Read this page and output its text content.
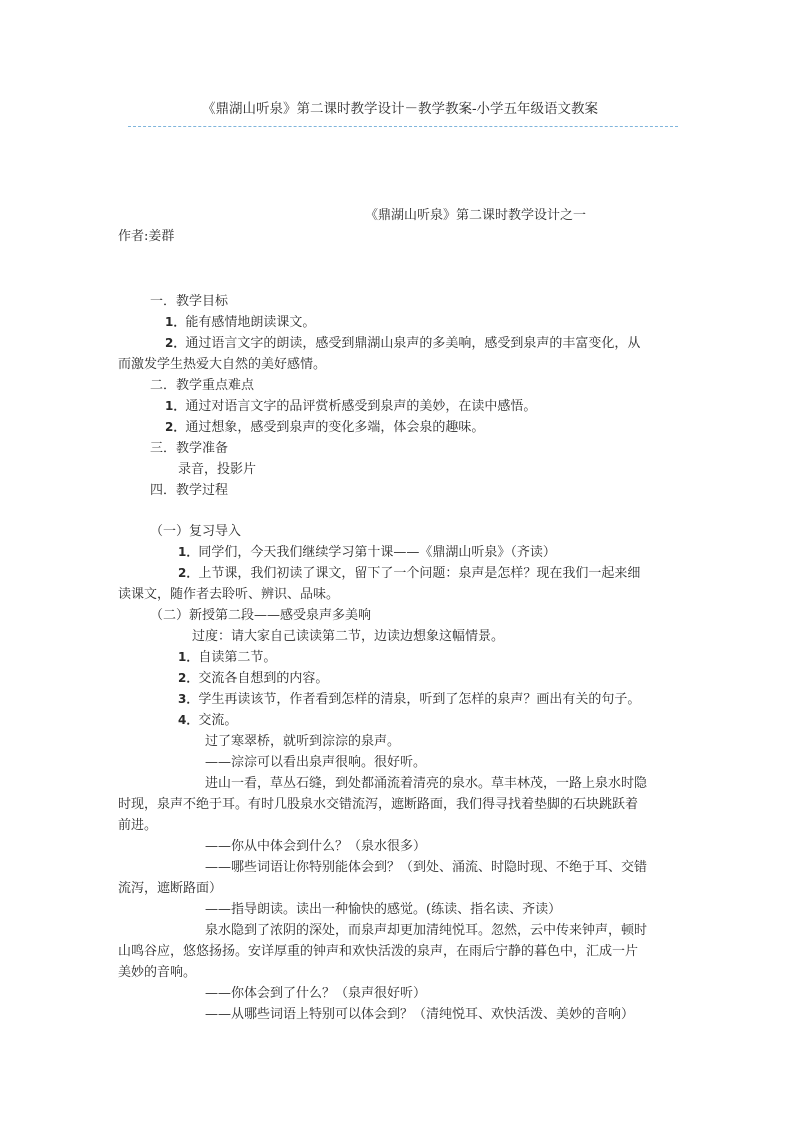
《鼎湖山听泉》第二课时教学设计－教学教案-小学五年级语文教案
《鼎湖山听泉》第二课时教学设计之一
作者:姜群
一．教学目标
1．能有感情地朗读课文。
2．通过语言文字的朗读，感受到鼎湖山泉声的多美响，感受到泉声的丰富变化，从
而激发学生热爱大自然的美好感情。
二．教学重点难点
1．通过对语言文字的品评赏析感受到泉声的美妙，在读中感悟。
2．通过想象，感受到泉声的变化多端，体会泉的趣味。
三．教学准备
录音，投影片
四．教学过程
（一）复习导入
1．同学们，今天我们继续学习第十课——《鼎湖山听泉》（齐读）
2．上节课，我们初读了课文，留下了一个问题：泉声是怎样？现在我们一起来细
读课文，随作者去聆听、辨识、品味。
（二）新授第二段——感受泉声多美响
过度：请大家自己读读第二节，边读边想象这幅情景。
1．自读第二节。
2．交流各自想到的内容。
3．学生再读该节，作者看到怎样的清泉，听到了怎样的泉声？画出有关的句子。
4．交流。
过了寒翠桥，就听到淙淙的泉声。
——淙淙可以看出泉声很响。很好听。
进山一看，草丛石缝，到处都涌流着清亮的泉水。草丰林茂，一路上泉水时隐
时现，泉声不绝于耳。有时几股泉水交错流泻，遮断路面，我们得寻找着垫脚的石块跳跃着
前进。
——你从中体会到什么？（泉水很多）
——哪些词语让你特别能体会到？（到处、涌流、时隐时现、不绝于耳、交错
流泻，遮断路面）
——指导朗读。读出一种愉快的感觉。(练读、指名读、齐读）
泉水隐到了浓阴的深处，而泉声却更加清纯悦耳。忽然，云中传来钟声，顿时
山鸣谷应，悠悠扬扬。安详厚重的钟声和欢快活泼的泉声，在雨后宁静的暮色中，汇成一片
美妙的音响。
——你体会到了什么？（泉声很好听）
——从哪些词语上特别可以体会到？（清纯悦耳、欢快活泼、美妙的音响）
